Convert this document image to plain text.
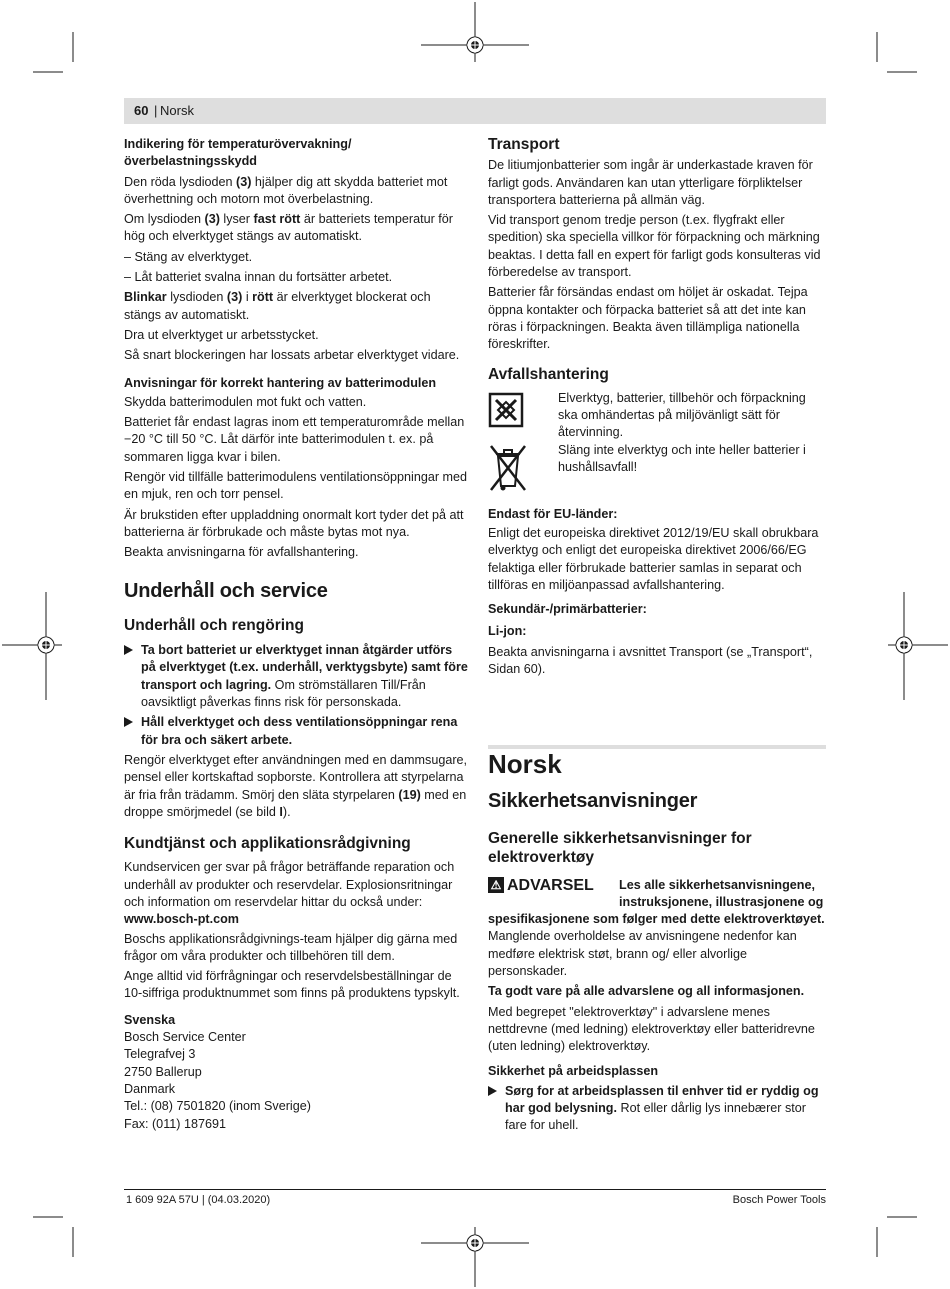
60 | Norsk

Indikering för temperaturövervakning/

överbelastningsskydd

Den röda lysdioden (3) hjälper dig att skydda batteriet mot överhettning och motorn mot överbelastning.

Om lysdioden (3) lyser fast rött är batteriets temperatur för hög och elverktyget stängs av automatiskt.

– Stäng av elverktyget.

– Låt batteriet svalna innan du fortsätter arbetet.

Blinkar lysdioden (3) i rött är elverktyget blockerat och stängs av automatiskt.

Dra ut elverktyget ur arbetsstycket.

Så snart blockeringen har lossats arbetar elverktyget vidare.

Anvisningar för korrekt hantering av batterimodulen

Skydda batterimodulen mot fukt och vatten.

Batteriet får endast lagras inom ett temperaturområde mellan −20 °C till 50 °C. Låt därför inte batterimodulen t. ex. på sommaren ligga kvar i bilen.

Rengör vid tillfälle batterimodulens ventilationsöppningar med en mjuk, ren och torr pensel.

Är brukstiden efter uppladdning onormalt kort tyder det på att batterierna är förbrukade och måste bytas mot nya.

Beakta anvisningarna för avfallshantering.

Underhåll och service

Underhåll och rengöring

Ta bort batteriet ur elverktyget innan åtgärder utförs på elverktyget (t.ex. underhåll, verktygsbyte) samt före transport och lagring. Om strömställaren Till/Från oavsiktligt påverkas finns risk för personskada.

Håll elverktyget och dess ventilationsöppningar rena för bra och säkert arbete.

Rengör elverktyget efter användningen med en dammsugare, pensel eller kortskaftad sopborste. Kontrollera att styrpelarna är fria från trädamm. Smörj den släta styrpelaren (19) med en droppe smörjmedel (se bild I).

Kundtjänst och applikationsrådgivning

Kundservicen ger svar på frågor beträffande reparation och underhåll av produkter och reservdelar. Explosionsritningar och information om reservdelar hittar du också under:

www.bosch-pt.com

Boschs applikationsrådgivnings-team hjälper dig gärna med frågor om våra produkter och tillbehören till dem.

Ange alltid vid förfrågningar och reservdelsbeställningar de 10-siffriga produktnummet som finns på produktens typskylt.

Svenska

Bosch Service Center
Telegrafvej 3
2750 Ballerup
Danmark
Tel.: (08) 7501820 (inom Sverige)
Fax: (011) 187691

Transport

De litiumjonbatterier som ingår är underkastade kraven för farligt gods. Användaren kan utan ytterligare förpliktelser transportera batterierna på allmän väg.

Vid transport genom tredje person (t.ex. flygfrakt eller spedition) ska speciella villkor för förpackning och märkning beaktas. I detta fall en expert för farligt gods konsulteras vid förberedelse av transport.

Batterier får försändas endast om höljet är oskadat. Tejpa öppna kontakter och förpacka batteriet så att det inte kan röras i förpackningen. Beakta även tillämpliga nationella föreskrifter.

Avfallshantering

Elverktyg, batterier, tillbehör och förpackning ska omhändertas på miljövänligt sätt för återvinning.

Släng inte elverktyg och inte heller batterier i hushållsavfall!

Endast för EU-länder:

Enligt det europeiska direktivet 2012/19/EU skall obrukbara elverktyg och enligt det europeiska direktivet 2006/66/EG felaktiga eller förbrukade batterier samlas in separat och tillföras en miljöanpassad avfallshantering.

Sekundär-/primärbatterier:

Li-jon:

Beakta anvisningarna i avsnittet Transport (se „Transport“, Sidan 60).

Norsk

Sikkerhetsanvisninger

Generelle sikkerhetsanvisninger for

elektroverktøy

⚠ ADVARSEL Les alle sikkerhetsanvisningene, instruksjonene, illustrasjonene og

spesifikasjonene som følger med dette elektroverktøyet. Manglende overholdelse av anvisningene nedenfor kan medføre elektrisk støt, brann og/ eller alvorlige personskader.

Ta godt vare på alle advarslene og all informasjonen.

Med begrepet "elektroverktøy" i advarslene menes nettdrevne (med ledning) elektroverktøy eller batteridrevne (uten ledning) elektroverktøy.

Sikkerhet på arbeidsplassen

Sørg for at arbeidsplassen til enhver tid er ryddig og har god belysning. Rot eller dårlig lys innebærer stor fare for uhell.

1 609 92A 57U | (04.03.2020)	Bosch Power Tools
